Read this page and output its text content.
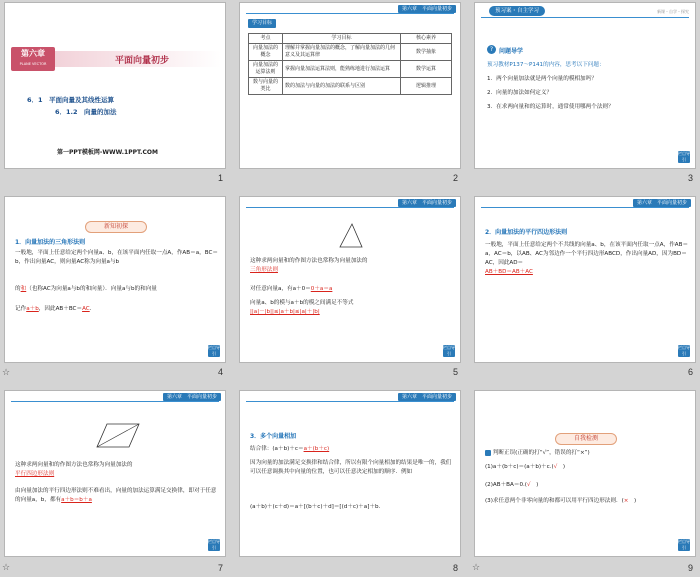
第六章
PLANE VECTOR	平面向量初步
6．1　平面向量及其线性运算
6．1.2　向量的加法
第一PPT模板网-WWW.1PPT.COM
1
第六章　平面向量初步
学习目标
考点	学习目标	核心素养
向量加法的概念	理解并掌握向量加法的概念，了解向量加法的几何意义及其运算律	数学抽象
向量加法的运算法则	掌握向量加法运算法则，能熟练地进行加法运算	数学运算
数与向量的类比	数的加法与向量的加法的联系与区别	逻辑推理
2
预习案・自主学习	新课・自学・探究
? 问题导学
预习教材P137～P141的内容，思考以下问题：
1．两个向量加法就是两个向量的模相加吗？
2．向量的加法如何定义？
3．在求两向量和的运算时，通常使用哪两个法则？
栏目导引
3
新知初探
1．向量加法的三角形法则
一般地，平面上任意给定两个向量a、b，在该平面内任取一点A，作AB＝a，BC＝b，作出向量AC，则向量AC称为向量a与b
的和（也称AC为向量a与b的和向量）．向量a与b的和向量
记作a＋b，因此AB＋BC＝AC．
栏目导引
☆	4
第六章　平面向量初步
这种求两向量和的作图方法也常称为向量加法的
三角形法则
对任意向量a，有a＋0＝0＋a＝a
向量a、b的模与a＋b的模之间满足不等式
||a|－|b||≤|a＋b|≤|a|＋|b|
栏目导引
5
第六章　平面向量初步
2．向量加法的平行四边形法则
一般地，平面上任意给定两个不共线的向量a、b，在该平面内任取一点A，作AB＝a，AC＝b，以AB、AC为邻边作一个平行四边形ABCD，作出向量AD，因为BD＝AC，因此AD＝
AB＋BD＝AB＋AC
栏目导引
6
第六章　平面向量初步
这种求两向量和的作图方法也常称为向量加法的
平行四边形法则
由向量加法的平行四边形法则不难看出，向量的加法运算满足交换律，即对于任意的向量a，b，都有a＋b＝b＋a
栏目导引
☆	7
第六章　平面向量初步
3．多个向量相加
结合律：(a＋b)＋c＝a＋(b＋c)
因为向量的加法满足交换律和结合律，所以有限个向量相加的结果是唯一的，我们可以任意调换其中向量的位置，也可以任意决定相加的顺序．例如
(a＋b)＋(c＋d)＝a＋[(b＋c)＋d]＝[(d＋c)＋a]＋b.
8
自我检测
判断正误(正确的打“√”，错误的打“×”)
(1)a＋(b＋c)＝(a＋b)＋c.(√　)
(2)AB＋BA＝0.(√　)
(3)求任意两个非零向量的和都可以用平行四边形法则．(×　)
栏目导引
☆	9
